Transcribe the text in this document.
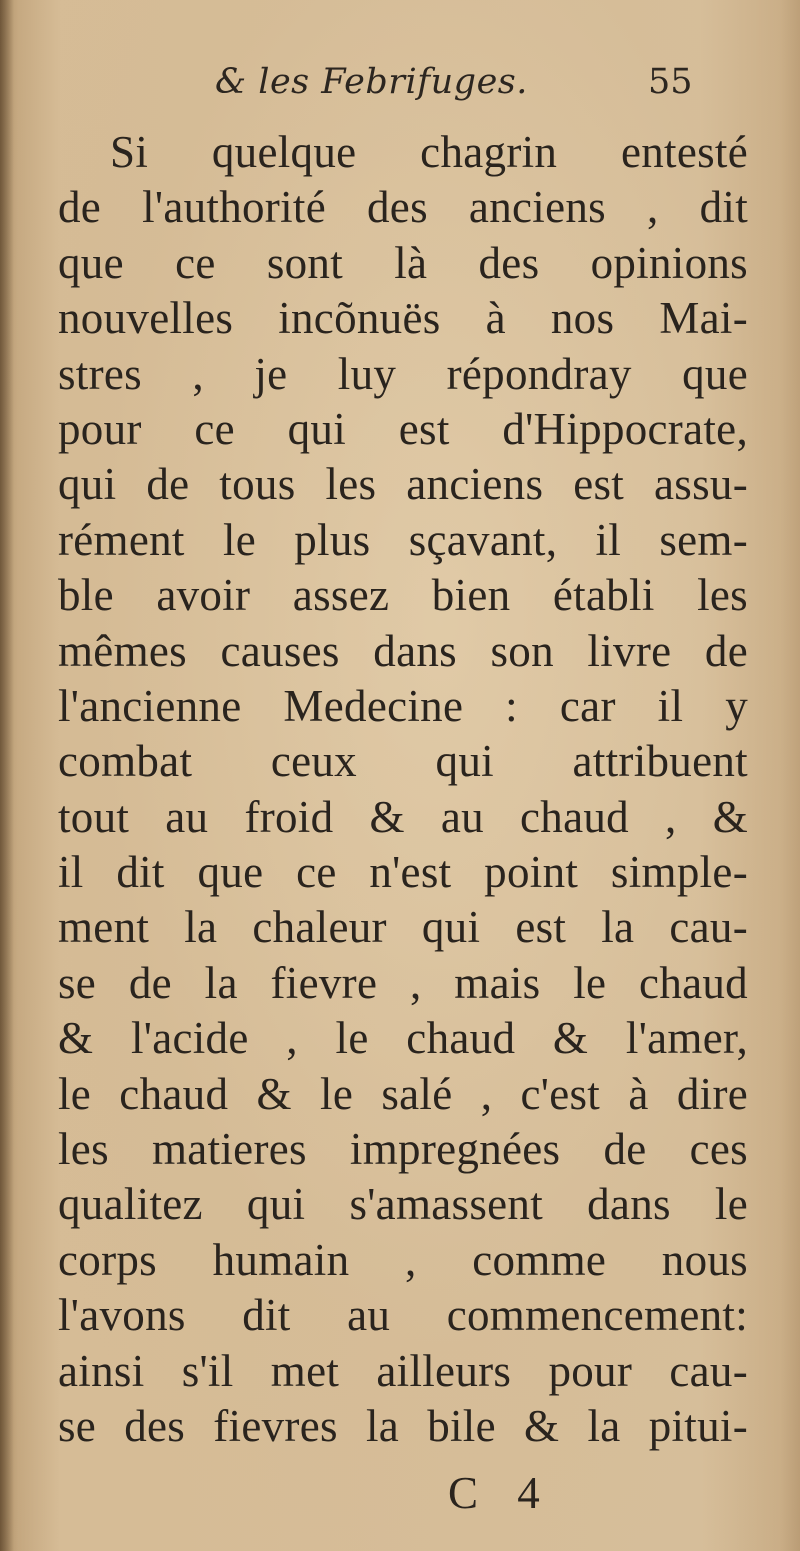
& les Febrifuges.	55
Si quelque chagrin entesté
de l'authorité des anciens , dit
que ce sont là des opinions
nouvelles incõnuës à nos Mai-
stres , je luy répondray que
pour ce qui est d'Hippocrate,
qui de tous les anciens est assu-
rément le plus sçavant, il sem-
ble avoir assez bien établi les
mêmes causes dans son livre de
l'ancienne Medecine : car il y
combat ceux qui attribuent
tout au froid & au chaud , &
il dit que ce n'est point simple-
ment la chaleur qui est la cau-
se de la fievre , mais le chaud
& l'acide , le chaud & l'amer,
le chaud & le salé , c'est à dire
les matieres impregnées de ces
qualitez qui s'amassent dans le
corps humain , comme nous
l'avons dit au commencement:
ainsi s'il met ailleurs pour cau-
se des fievres la bile & la pitui-
C 4
